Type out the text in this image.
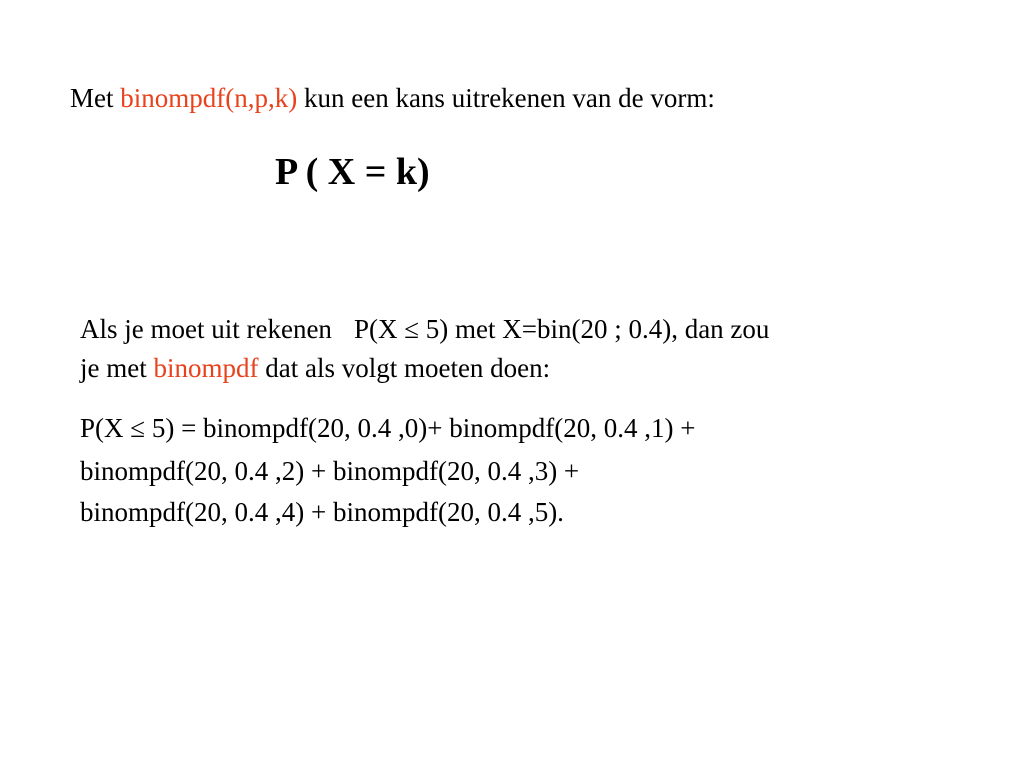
Met binompdf(n,p,k) kun een kans uitrekenen van de vorm:
P ( X = k)
Als je moet uit rekenen P(X ≤ 5) met X=bin(20 ; 0.4), dan zou
je met binompdf dat als volgt moeten doen:
P(X ≤ 5) = binompdf(20, 0.4 ,0)+ binompdf(20, 0.4 ,1) +
binompdf(20, 0.4 ,2) + binompdf(20, 0.4 ,3) +
binompdf(20, 0.4 ,4) + binompdf(20, 0.4 ,5).
